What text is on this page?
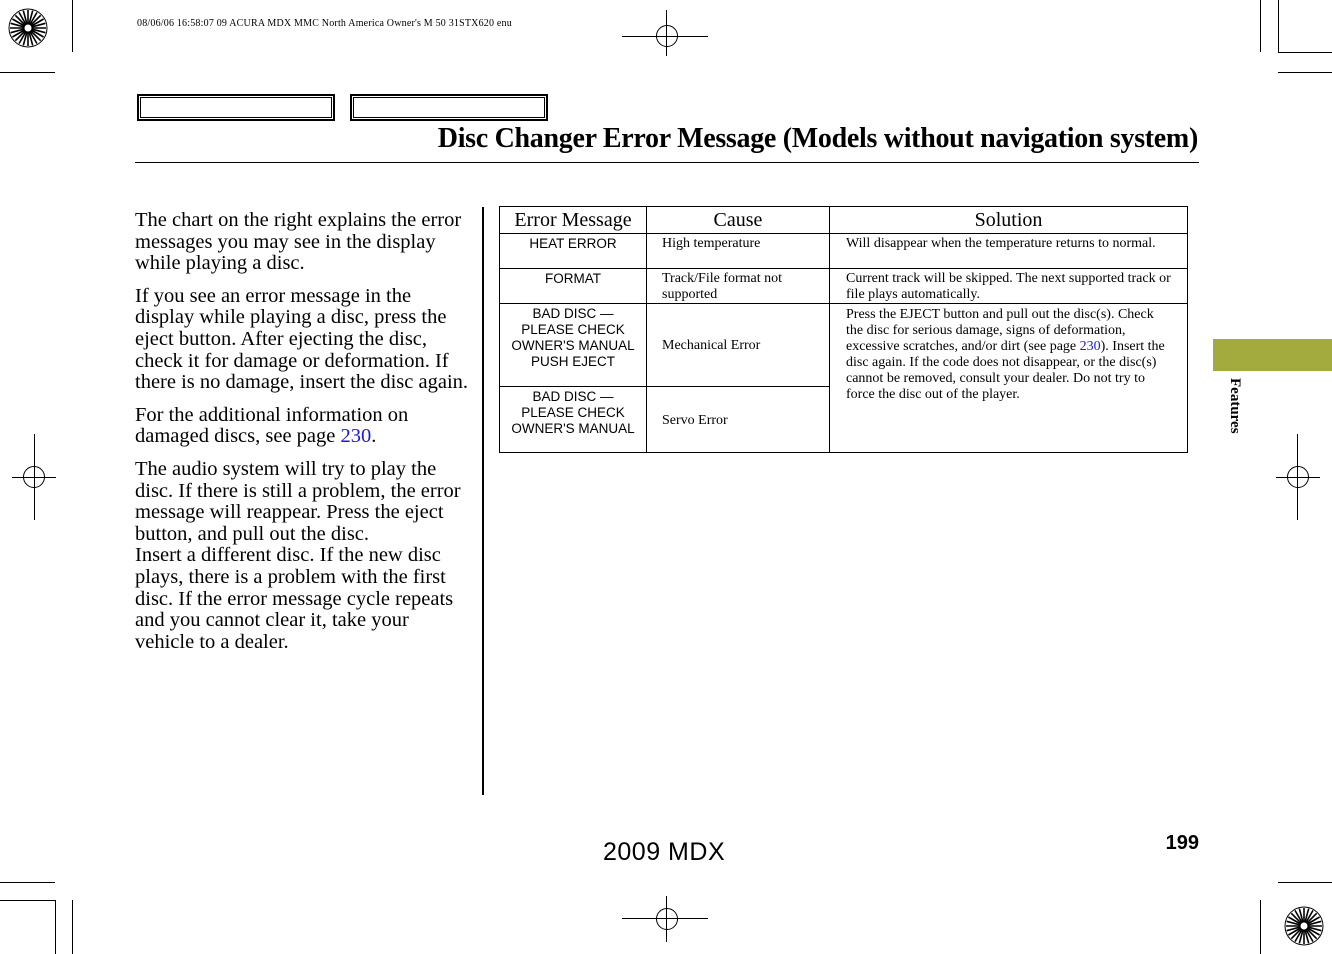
08/06/06 16:58:07 09 ACURA MDX MMC North America Owner's M 50 31STX620 enu
Disc Changer Error Message (Models without navigation system)

The chart on the right explains the error messages you may see in the display while playing a disc.

If you see an error message in the display while playing a disc, press the eject button. After ejecting the disc, check it for damage or deformation. If there is no damage, insert the disc again.

For the additional information on damaged discs, see page 230.

The audio system will try to play the disc. If there is still a problem, the error message will reappear. Press the eject button, and pull out the disc.

Insert a different disc. If the new disc plays, there is a problem with the first disc. If the error message cycle repeats and you cannot clear it, take your vehicle to a dealer.

Error Message	Cause	Solution
HEAT ERROR	High temperature	Will disappear when the temperature returns to normal.
FORMAT	Track/File format not supported	Current track will be skipped. The next supported track or file plays automatically.
BAD DISC — PLEASE CHECK OWNER'S MANUAL PUSH EJECT	Mechanical Error	Press the EJECT button and pull out the disc(s). Check the disc for serious damage, signs of deformation, excessive scratches, and/or dirt (see page 230). Insert the disc again. If the code does not disappear, or the disc(s) cannot be removed, consult your dealer. Do not try to force the disc out of the player.
BAD DISC — PLEASE CHECK OWNER'S MANUAL	Servo Error		Features
199
2009 MDX
